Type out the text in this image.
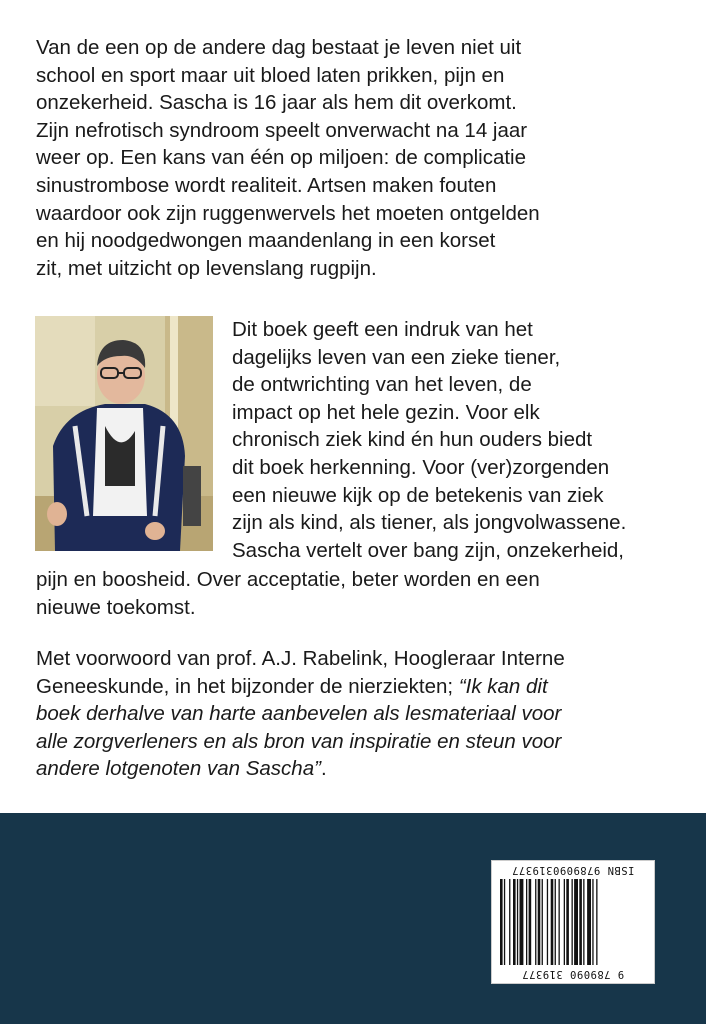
Van de een op de andere dag bestaat je leven niet uit
school en sport maar uit bloed laten prikken, pijn en
onzekerheid. Sascha is 16 jaar als hem dit overkomt.
Zijn nefrotisch syndroom speelt onverwacht na 14 jaar
weer op. Een kans van één op miljoen: de complicatie
sinustrombose wordt realiteit. Artsen maken fouten
waardoor ook zijn ruggenwervels het moeten ontgelden
en hij noodgedwongen maandenlang in een korset
zit, met uitzicht op levenslang rugpijn.
Dit boek geeft een indruk van het
dagelijks leven van een zieke tiener,
de ontwrichting van het leven, de
impact op het hele gezin. Voor elk
chronisch ziek kind én hun ouders biedt
dit boek herkenning. Voor (ver)zorgenden
een nieuwe kijk op de betekenis van ziek
zijn als kind, als tiener, als jongvolwassene.
Sascha vertelt over bang zijn, onzekerheid,
pijn en boosheid. Over acceptatie, beter worden en een
nieuwe toekomst.
Met voorwoord van prof. A.J. Rabelink, Hoogleraar Interne
Geneeskunde, in het bijzonder de nierziekten; “Ik kan dit
boek derhalve van harte aanbevelen als lesmateriaal voor
alle zorgverleners en als bron van inspiratie en steun voor
andere lotgenoten van Sascha”.
ISBN 9789090319377
9 789090 319377
